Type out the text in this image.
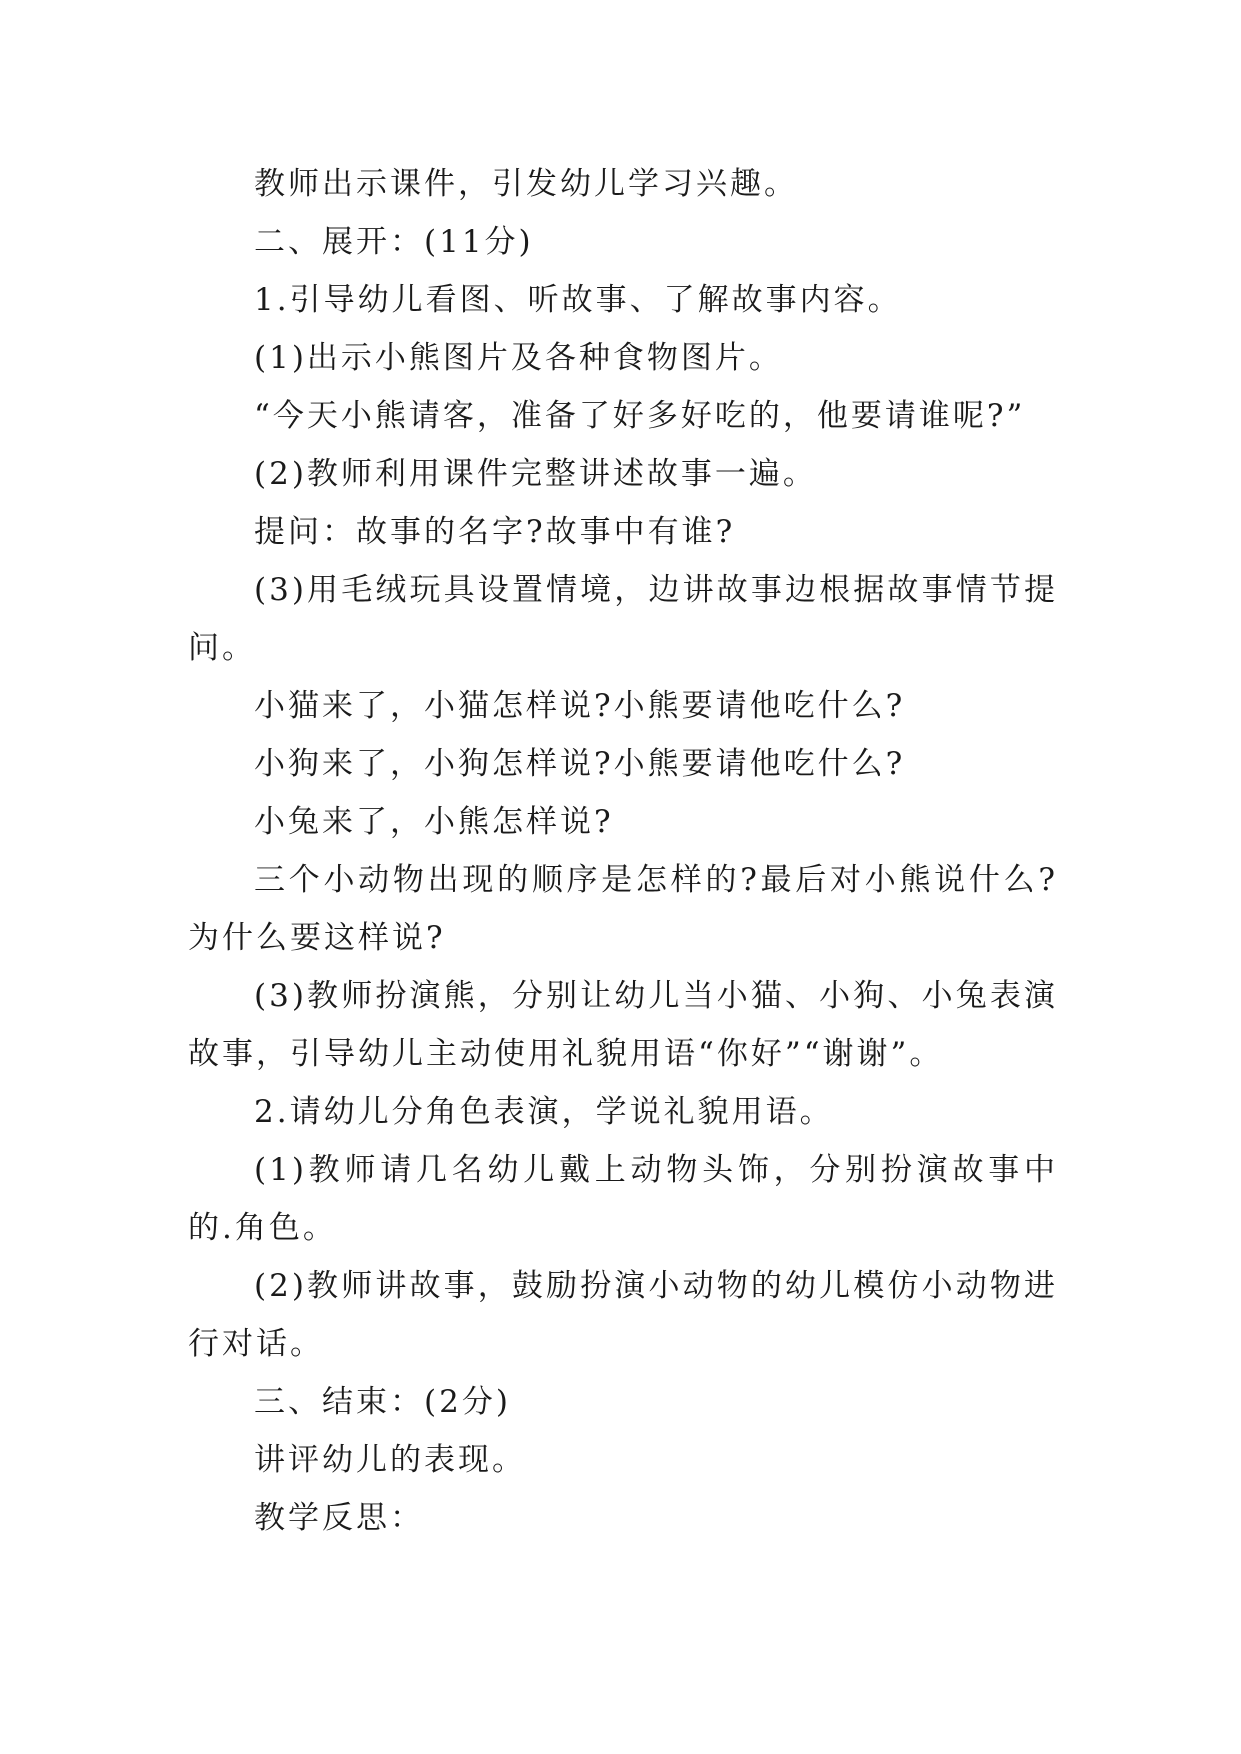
教师出示课件，引发幼儿学习兴趣。

二、展开：(11分)

1.引导幼儿看图、听故事、了解故事内容。

(1)出示小熊图片及各种食物图片。

“今天小熊请客，准备了好多好吃的，他要请谁呢?”

(2)教师利用课件完整讲述故事一遍。

提问：故事的名字?故事中有谁?

(3)用毛绒玩具设置情境，边讲故事边根据故事情节提问。

小猫来了，小猫怎样说?小熊要请他吃什么?

小狗来了，小狗怎样说?小熊要请他吃什么?

小兔来了，小熊怎样说?

三个小动物出现的顺序是怎样的?最后对小熊说什么?为什么要这样说?

(3)教师扮演熊，分别让幼儿当小猫、小狗、小兔表演故事，引导幼儿主动使用礼貌用语“你好”“谢谢”。

2.请幼儿分角色表演，学说礼貌用语。

(1)教师请几名幼儿戴上动物头饰，分别扮演故事中的.角色。

(2)教师讲故事，鼓励扮演小动物的幼儿模仿小动物进行对话。

三、结束：(2分)

讲评幼儿的表现。

教学反思：
